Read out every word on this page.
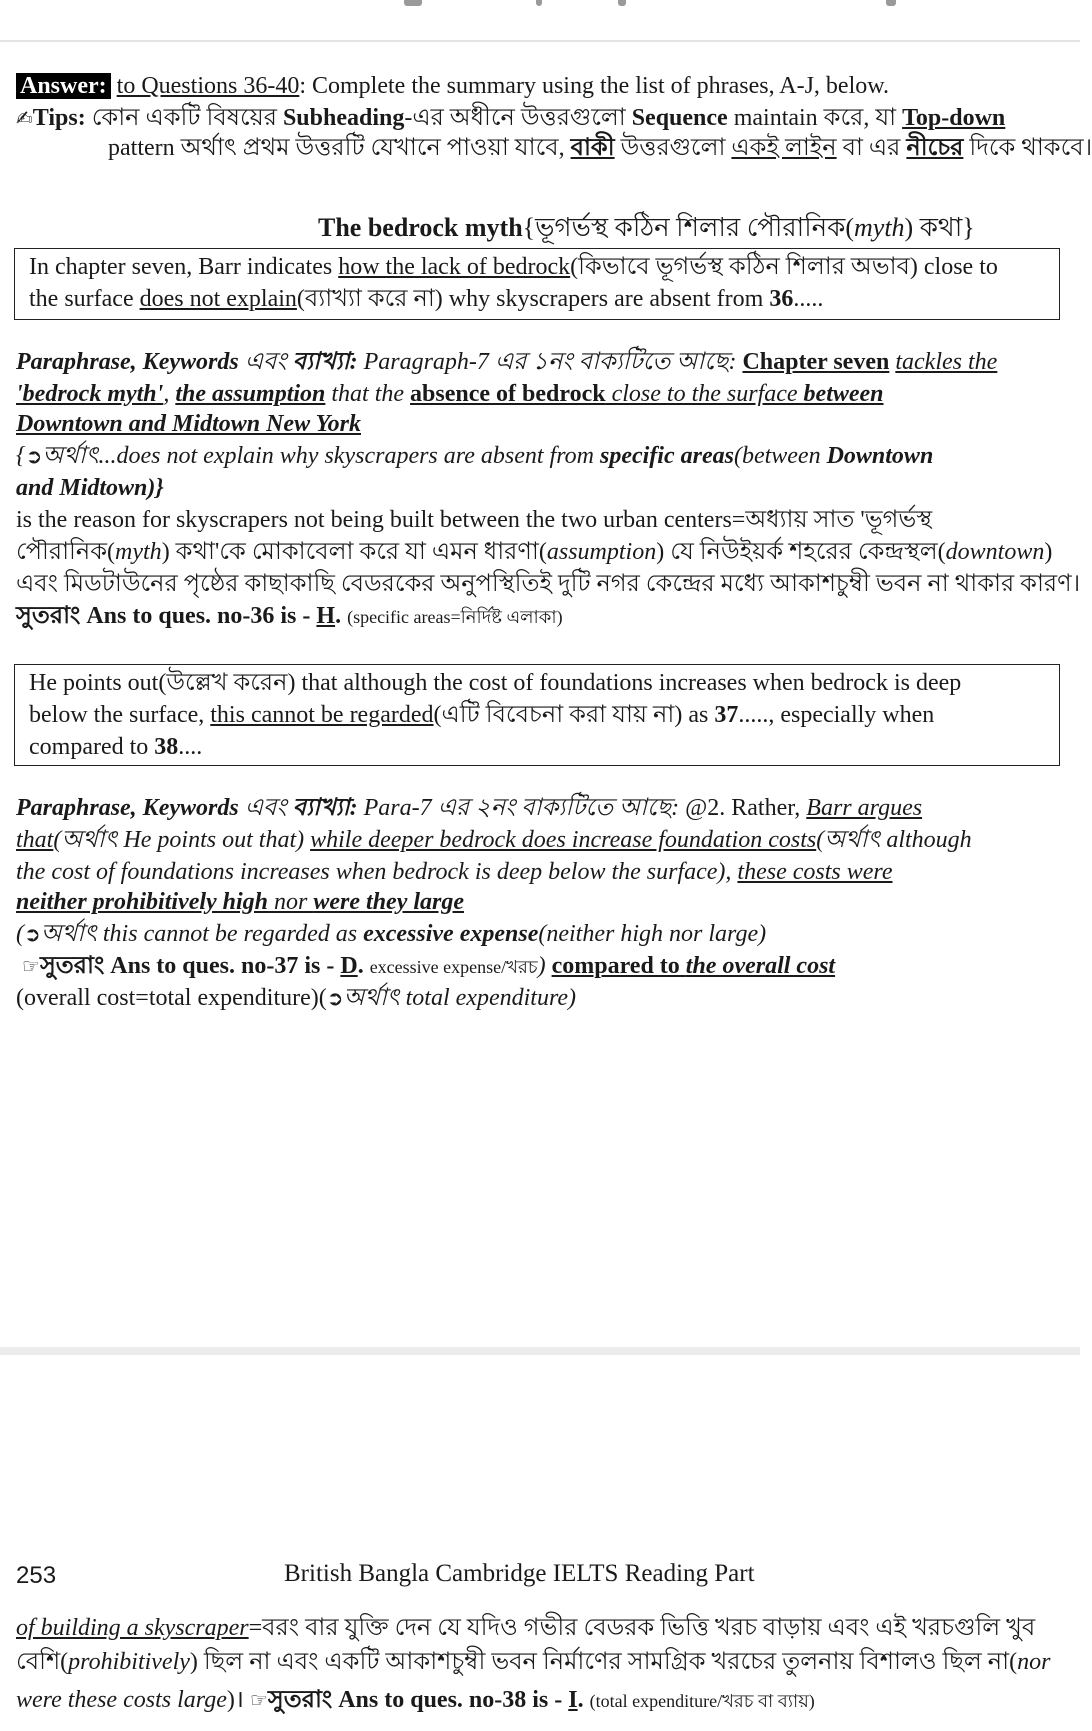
Answer: to Questions 36-40: Complete the summary using the list of phrases, A-J, below.
✍Tips: কোন একটি বিষয়ের Subheading-এর অধীনে উত্তরগুলো Sequence maintain করে, যা Top-down
pattern অর্থাৎ প্রথম উত্তরটি যেখানে পাওয়া যাবে, বাকী উত্তরগুলো একই লাইন বা এর নীচের দিকে থাকবে।
The bedrock myth{ভূগর্ভস্থ কঠিন শিলার পৌরানিক(myth) কথা}
In chapter seven, Barr indicates how the lack of bedrock(কিভাবে ভূগর্ভস্থ কঠিন শিলার অভাব) close to
the surface does not explain(ব্যাখ্যা করে না) why skyscrapers are absent from 36.....
Paraphrase, Keywords এবং ব্যাখ্যা: Paragraph-7 এর ১নং বাক্যটিতে আছে: Chapter seven tackles the
'bedrock myth', the assumption that the absence of bedrock close to the surface between
Downtown and Midtown New York
{➲অর্থাৎ...does not explain why skyscrapers are absent from specific areas(between Downtown
and Midtown)}
is the reason for skyscrapers not being built between the two urban centers=অধ্যায় সাত 'ভূগর্ভস্থ
পৌরানিক(myth) কথা'কে মোকাবেলা করে যা এমন ধারণা(assumption) যে নিউইয়র্ক শহরের কেন্দ্রস্থল(downtown)
এবং মিডটাউনের পৃষ্ঠের কাছাকাছি বেডরকের অনুপস্থিতিই দুটি নগর কেন্দ্রের মধ্যে আকাশচুম্বী ভবন না থাকার কারণ।
সুতরাং Ans to ques. no-36 is - H. (specific areas=নির্দিষ্ট এলাকা)
He points out(উল্লেখ করেন) that although the cost of foundations increases when bedrock is deep
below the surface, this cannot be regarded(এটি বিবেচনা করা যায় না) as 37....., especially when
compared to 38....
Paraphrase, Keywords এবং ব্যাখ্যা: Para-7 এর ২নং বাক্যটিতে আছে: @2. Rather, Barr argues
that(অর্থাৎ He points out that) while deeper bedrock does increase foundation costs(অর্থাৎ although
the cost of foundations increases when bedrock is deep below the surface), these costs were
neither prohibitively high nor were they large
(➲অর্থাৎ this cannot be regarded as excessive expense(neither high nor large)
☞সুতরাং Ans to ques. no-37 is - D. excessive expense/খরচ) compared to the overall cost
(overall cost=total expenditure)(➲অর্থাৎ total expenditure)
253	British Bangla Cambridge IELTS Reading Part
of building a skyscraper=বরং বার যুক্তি দেন যে যদিও গভীর বেডরক ভিত্তি খরচ বাড়ায় এবং এই খরচগুলি খুব
বেশি(prohibitively) ছিল না এবং একটি আকাশচুম্বী ভবন নির্মাণের সামগ্রিক খরচের তুলনায় বিশালও ছিল না(nor
were these costs large)। ☞সুতরাং Ans to ques. no-38 is - I. (total expenditure/খরচ বা ব্যায়)
